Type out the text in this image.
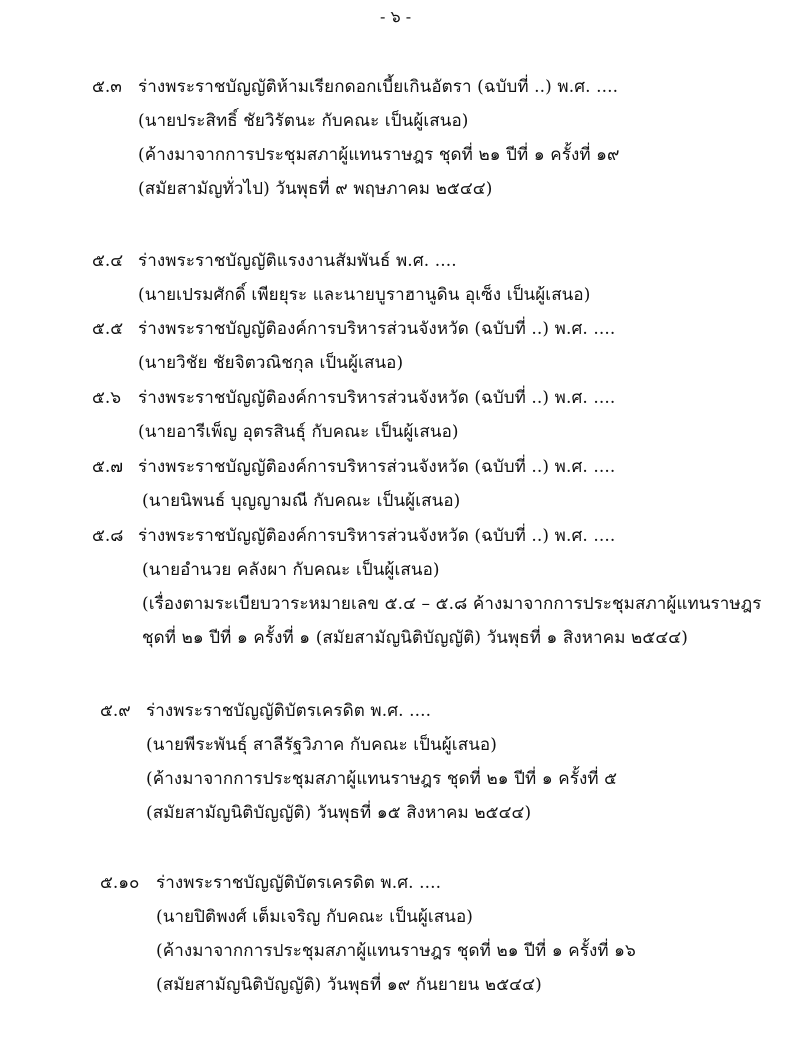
- ๖ -
๕.๓ ร่างพระราชบัญญัติห้ามเรียกดอกเบี้ยเกินอัตรา (ฉบับที่ ..) พ.ศ. ....
(นายประสิทธิ์ ชัยวิรัตนะ กับคณะ เป็นผู้เสนอ)
(ค้างมาจากการประชุมสภาผู้แทนราษฎร ชุดที่ ๒๑ ปีที่ ๑ ครั้งที่ ๑๙
(สมัยสามัญทั่วไป) วันพุธที่ ๙ พฤษภาคม ๒๕๔๔)
๕.๔ ร่างพระราชบัญญัติแรงงานสัมพันธ์ พ.ศ. ....
(นายเปรมศักดิ์ เพียยุระ และนายบูราฮานูดิน อุเซ็ง เป็นผู้เสนอ)
๕.๕ ร่างพระราชบัญญัติองค์การบริหารส่วนจังหวัด (ฉบับที่ ..) พ.ศ. ....
(นายวิชัย ชัยจิตวณิชกุล เป็นผู้เสนอ)
๕.๖ ร่างพระราชบัญญัติองค์การบริหารส่วนจังหวัด (ฉบับที่ ..) พ.ศ. ....
(นายอารีเพ็ญ อุตรสินธุ์ กับคณะ เป็นผู้เสนอ)
๕.๗ ร่างพระราชบัญญัติองค์การบริหารส่วนจังหวัด (ฉบับที่ ..) พ.ศ. ....
(นายนิพนธ์ บุญญามณี กับคณะ เป็นผู้เสนอ)
๕.๘ ร่างพระราชบัญญัติองค์การบริหารส่วนจังหวัด (ฉบับที่ ..) พ.ศ. ....
(นายอำนวย คลังผา กับคณะ เป็นผู้เสนอ)
(เรื่องตามระเบียบวาระหมายเลข ๕.๔ – ๕.๘ ค้างมาจากการประชุมสภาผู้แทนราษฎร
ชุดที่ ๒๑ ปีที่ ๑ ครั้งที่ ๑ (สมัยสามัญนิติบัญญัติ) วันพุธที่ ๑ สิงหาคม ๒๕๔๔)
๕.๙ ร่างพระราชบัญญัติบัตรเครดิต พ.ศ. ....
(นายพีระพันธุ์ สาลีรัฐวิภาค กับคณะ เป็นผู้เสนอ)
(ค้างมาจากการประชุมสภาผู้แทนราษฎร ชุดที่ ๒๑ ปีที่ ๑ ครั้งที่ ๕
(สมัยสามัญนิติบัญญัติ) วันพุธที่ ๑๕ สิงหาคม ๒๕๔๔)
๕.๑๐ ร่างพระราชบัญญัติบัตรเครดิต พ.ศ. ....
(นายปิติพงศ์ เต็มเจริญ กับคณะ เป็นผู้เสนอ)
(ค้างมาจากการประชุมสภาผู้แทนราษฎร ชุดที่ ๒๑ ปีที่ ๑ ครั้งที่ ๑๖
(สมัยสามัญนิติบัญญัติ) วันพุธที่ ๑๙ กันยายน ๒๕๔๔)
